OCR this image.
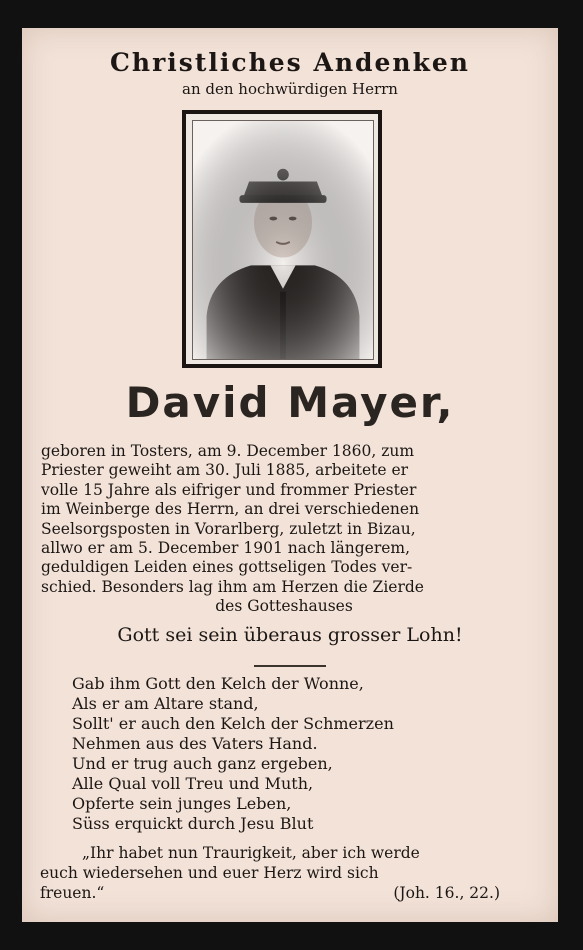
Christliches Andenken
an den hochwürdigen Herrn
David Mayer,
geboren in Tosters, am 9. December 1860, zum
Priester geweiht am 30. Juli 1885, arbeitete er
volle 15 Jahre als eifriger und frommer Priester
im Weinberge des Herrn, an drei verschiedenen
Seelsorgsposten in Vorarlberg, zuletzt in Bizau,
allwo er am 5. December 1901 nach längerem,
geduldigen Leiden eines gottseligen Todes ver-
schied. Besonders lag ihm am Herzen die Zierde
des Gotteshauses
Gott sei sein überaus grosser Lohn!
Gab ihm Gott den Kelch der Wonne,
Als er am Altare stand,
Sollt' er auch den Kelch der Schmerzen
Nehmen aus des Vaters Hand.
Und er trug auch ganz ergeben,
Alle Qual voll Treu und Muth,
Opferte sein junges Leben,
Süss erquickt durch Jesu Blut
„Ihr habet nun Traurigkeit, aber ich werde
euch wiedersehen und euer Herz wird sich
freuen.“	(Joh. 16., 22.)
